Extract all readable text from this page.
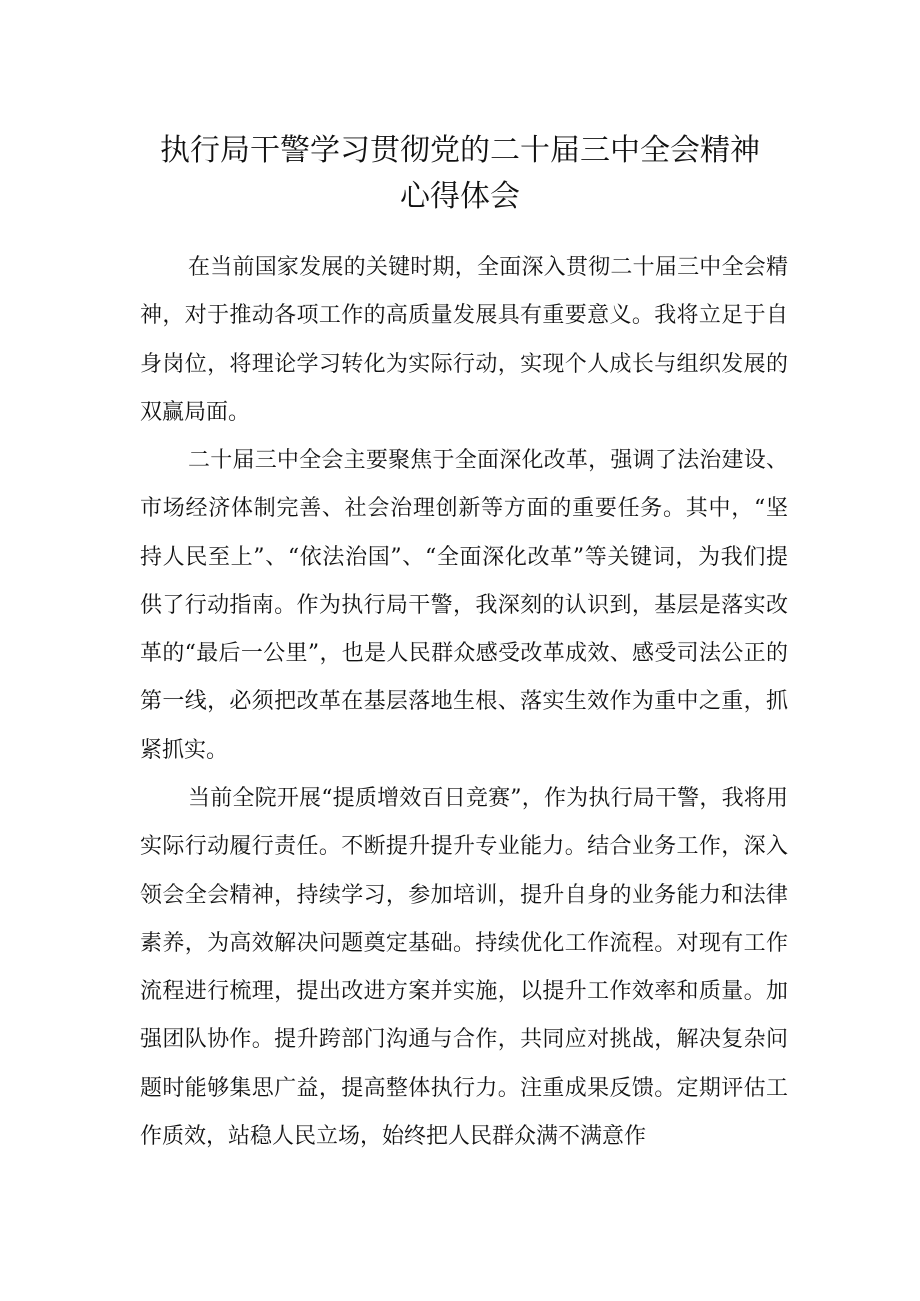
执行局干警学习贯彻党的二十届三中全会精神
心得体会

在当前国家发展的关键时期，全面深入贯彻二十届三中全会精神，对于推动各项工作的高质量发展具有重要意义。我将立足于自身岗位，将理论学习转化为实际行动，实现个人成长与组织发展的双赢局面。

二十届三中全会主要聚焦于全面深化改革，强调了法治建设、市场经济体制完善、社会治理创新等方面的重要任务。其中，“坚持人民至上”、“依法治国”、“全面深化改革”等关键词，为我们提供了行动指南。作为执行局干警，我深刻的认识到，基层是落实改革的“最后一公里”，也是人民群众感受改革成效、感受司法公正的第一线，必须把改革在基层落地生根、落实生效作为重中之重，抓紧抓实。

当前全院开展“提质增效百日竞赛”，作为执行局干警，我将用实际行动履行责任。不断提升提升专业能力。结合业务工作，深入领会全会精神，持续学习，参加培训，提升自身的业务能力和法律素养，为高效解决问题奠定基础。持续优化工作流程。对现有工作流程进行梳理，提出改进方案并实施，以提升工作效率和质量。加强团队协作。提升跨部门沟通与合作，共同应对挑战，解决复杂问题时能够集思广益，提高整体执行力。注重成果反馈。定期评估工作质效，站稳人民立场，始终把人民群众满不满意作
